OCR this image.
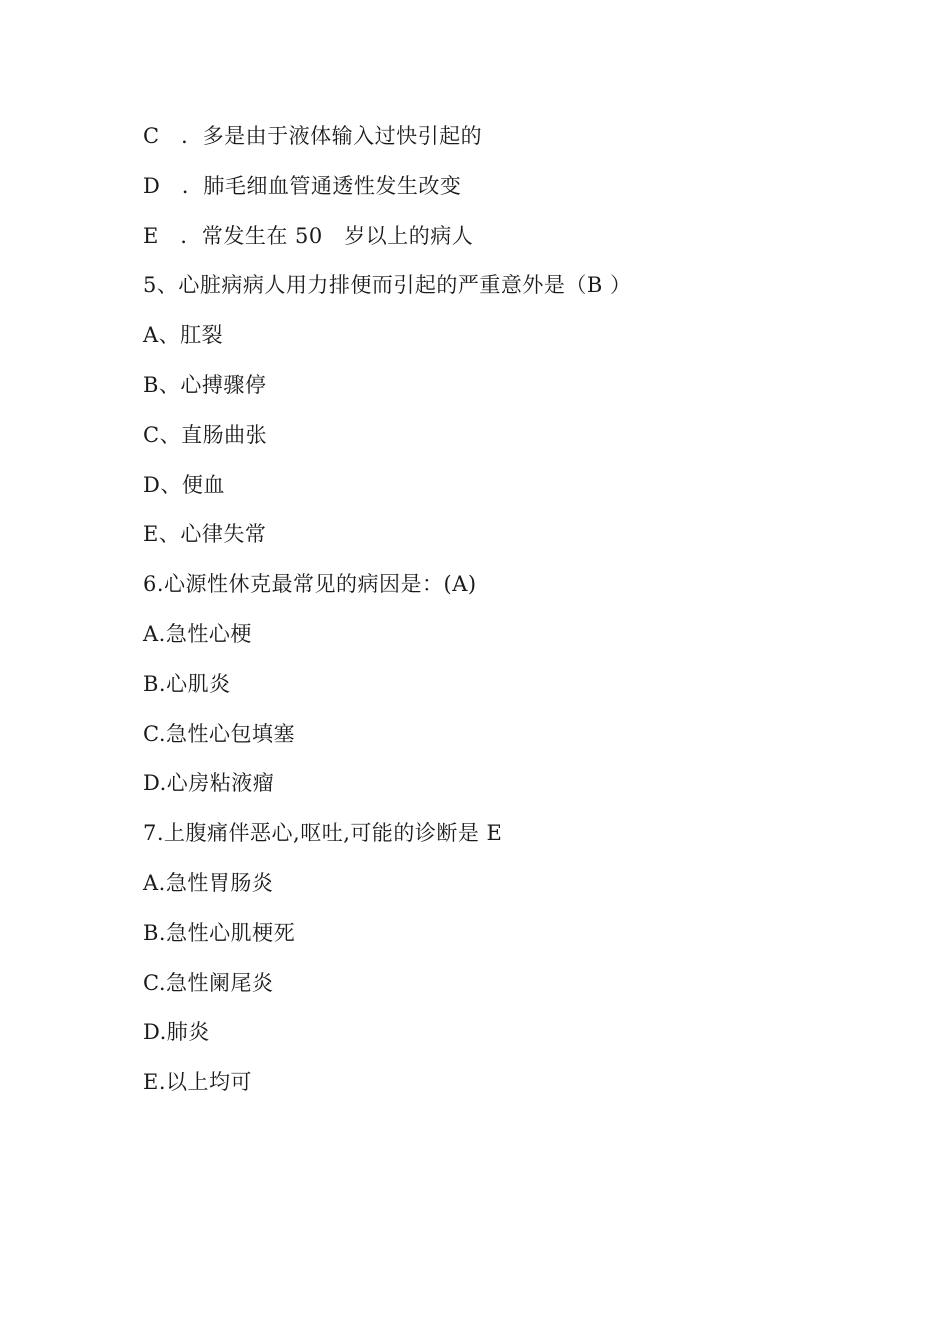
C　．多是由于液体输入过快引起的
D　．肺毛细血管通透性发生改变
E　．常发生在 50　岁以上的病人
5、心脏病病人用力排便而引起的严重意外是（B ）
A、肛裂
B、心搏骤停
C、直肠曲张
D、便血
E、心律失常
6.心源性休克最常见的病因是：(A)
A.急性心梗
B.心肌炎
C.急性心包填塞
D.心房粘液瘤
7.上腹痛伴恶心,呕吐,可能的诊断是 E
A.急性胃肠炎
B.急性心肌梗死
C.急性阑尾炎
D.肺炎
E.以上均可
